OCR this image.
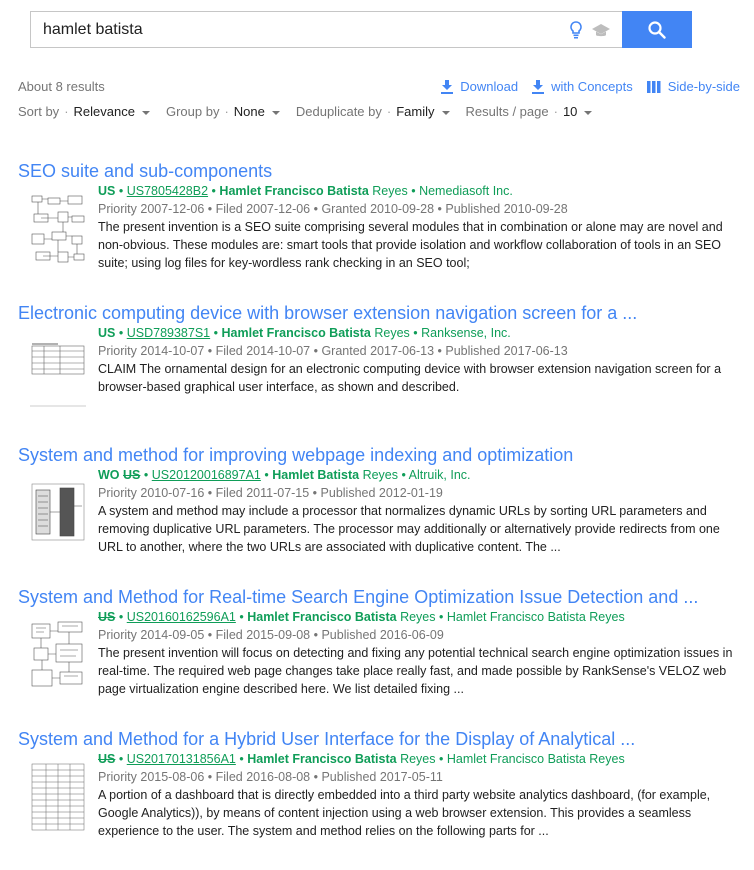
hamlet batista
About 8 results	Download	with Concepts	Side-by-side
Sort by · Relevance Group by · None Deduplicate by · Family Results / page · 10
SEO suite and sub-components
US • US7805428B2 • Hamlet Francisco Batista Reyes • Nemediasoft Inc.
Priority 2007-12-06 • Filed 2007-12-06 • Granted 2010-09-28 • Published 2010-09-28
The present invention is a SEO suite comprising several modules that in combination or alone may are novel and non-obvious. These modules are: smart tools that provide isolation and workflow collaboration of tools in an SEO suite; using log files for key-wordless rank checking in an SEO tool;
Electronic computing device with browser extension navigation screen for a ...
US • USD789387S1 • Hamlet Francisco Batista Reyes • Ranksense, Inc.
Priority 2014-10-07 • Filed 2014-10-07 • Granted 2017-06-13 • Published 2017-06-13
CLAIM The ornamental design for an electronic computing device with browser extension navigation screen for a browser-based graphical user interface, as shown and described.
System and method for improving webpage indexing and optimization
WO US • US20120016897A1 • Hamlet Batista Reyes • Altruik, Inc.
Priority 2010-07-16 • Filed 2011-07-15 • Published 2012-01-19
A system and method may include a processor that normalizes dynamic URLs by sorting URL parameters and removing duplicative URL parameters. The processor may additionally or alternatively provide redirects from one URL to another, where the two URLs are associated with duplicative content. The ...
System and Method for Real-time Search Engine Optimization Issue Detection and ...
US • US20160162596A1 • Hamlet Francisco Batista Reyes • Hamlet Francisco Batista Reyes
Priority 2014-09-05 • Filed 2015-09-08 • Published 2016-06-09
The present invention will focus on detecting and fixing any potential technical search engine optimization issues in real-time. The required web page changes take place really fast, and made possible by RankSense's VELOZ web page virtualization engine described here. We list detailed fixing ...
System and Method for a Hybrid User Interface for the Display of Analytical ...
US • US20170131856A1 • Hamlet Francisco Batista Reyes • Hamlet Francisco Batista Reyes
Priority 2015-08-06 • Filed 2016-08-08 • Published 2017-05-11
A portion of a dashboard that is directly embedded into a third party website analytics dashboard, (for example, Google Analytics)), by means of content injection using a web browser extension. This provides a seamless experience to the user. The system and method relies on the following parts for ...
